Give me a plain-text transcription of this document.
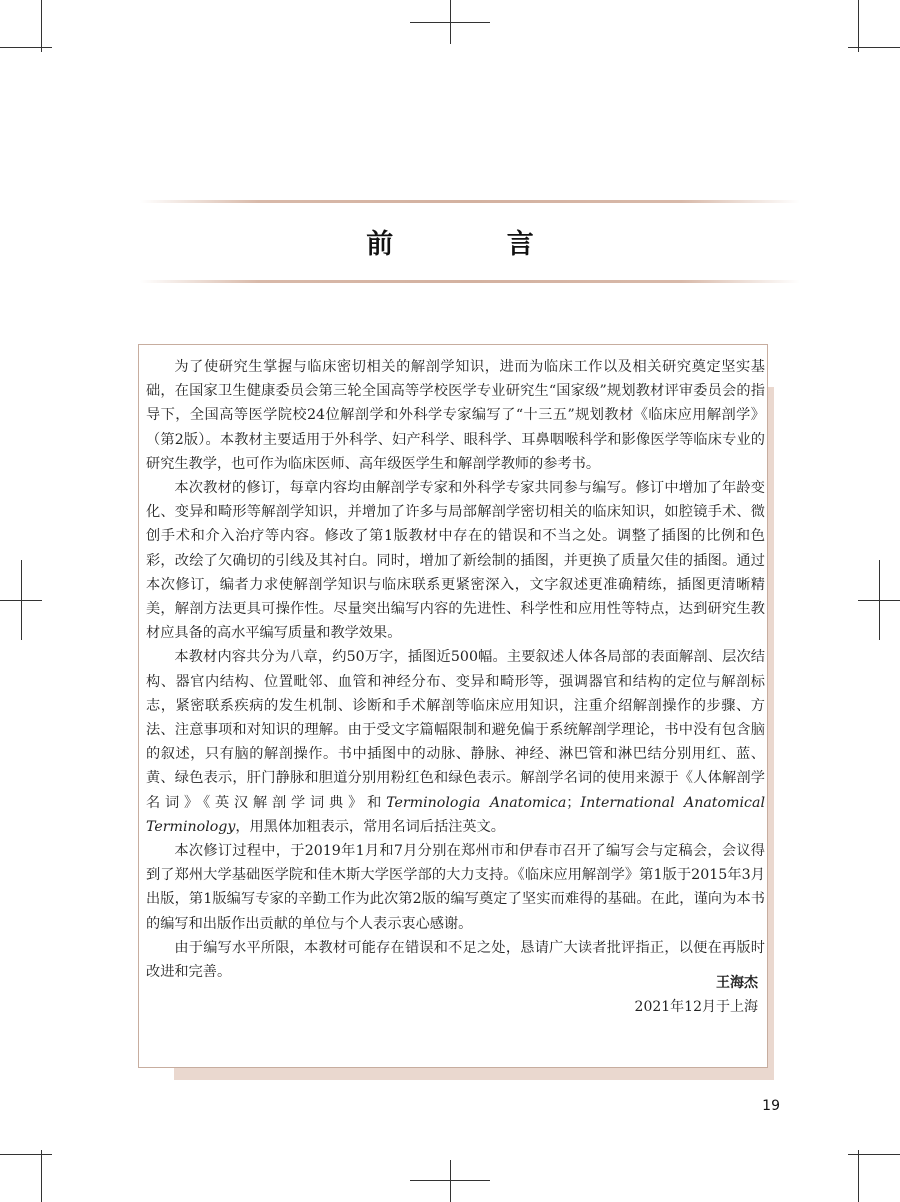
前 言

为了使研究生掌握与临床密切相关的解剖学知识，进而为临床工作以及相关研究奠定坚实基础，在国家卫生健康委员会第三轮全国高等学校医学专业研究生“国家级”规划教材评审委员会的指导下，全国高等医学院校24位解剖学和外科学专家编写了“十三五”规划教材《临床应用解剖学》（第2版）。本教材主要适用于外科学、妇产科学、眼科学、耳鼻咽喉科学和影像医学等临床专业的研究生教学，也可作为临床医师、高年级医学生和解剖学教师的参考书。

本次教材的修订，每章内容均由解剖学专家和外科学专家共同参与编写。修订中增加了年龄变化、变异和畸形等解剖学知识，并增加了许多与局部解剖学密切相关的临床知识，如腔镜手术、微创手术和介入治疗等内容。修改了第1版教材中存在的错误和不当之处。调整了插图的比例和色彩，改绘了欠确切的引线及其衬白。同时，增加了新绘制的插图，并更换了质量欠佳的插图。通过本次修订，编者力求使解剖学知识与临床联系更紧密深入，文字叙述更准确精练，插图更清晰精美，解剖方法更具可操作性。尽量突出编写内容的先进性、科学性和应用性等特点，达到研究生教材应具备的高水平编写质量和教学效果。

本教材内容共分为八章，约50万字，插图近500幅。主要叙述人体各局部的表面解剖、层次结构、器官内结构、位置毗邻、血管和神经分布、变异和畸形等，强调器官和结构的定位与解剖标志，紧密联系疾病的发生机制、诊断和手术解剖等临床应用知识，注重介绍解剖操作的步骤、方法、注意事项和对知识的理解。由于受文字篇幅限制和避免偏于系统解剖学理论，书中没有包含脑的叙述，只有脑的解剖操作。书中插图中的动脉、静脉、神经、淋巴管和淋巴结分别用红、蓝、黄、绿色表示，肝门静脉和胆道分别用粉红色和绿色表示。解剖学名词的使用来源于《人体解剖学名词》《英汉解剖学词典》和Terminologia Anatomica；International Anatomical Terminology，用黑体加粗表示，常用名词后括注英文。

本次修订过程中，于2019年1月和7月分别在郑州市和伊春市召开了编写会与定稿会，会议得到了郑州大学基础医学院和佳木斯大学医学部的大力支持。《临床应用解剖学》第1版于2015年3月出版，第1版编写专家的辛勤工作为此次第2版的编写奠定了坚实而难得的基础。在此，谨向为本书的编写和出版作出贡献的单位与个人表示衷心感谢。

由于编写水平所限，本教材可能存在错误和不足之处，恳请广大读者批评指正，以便在再版时改进和完善。

王海杰
2021年12月于上海
19
